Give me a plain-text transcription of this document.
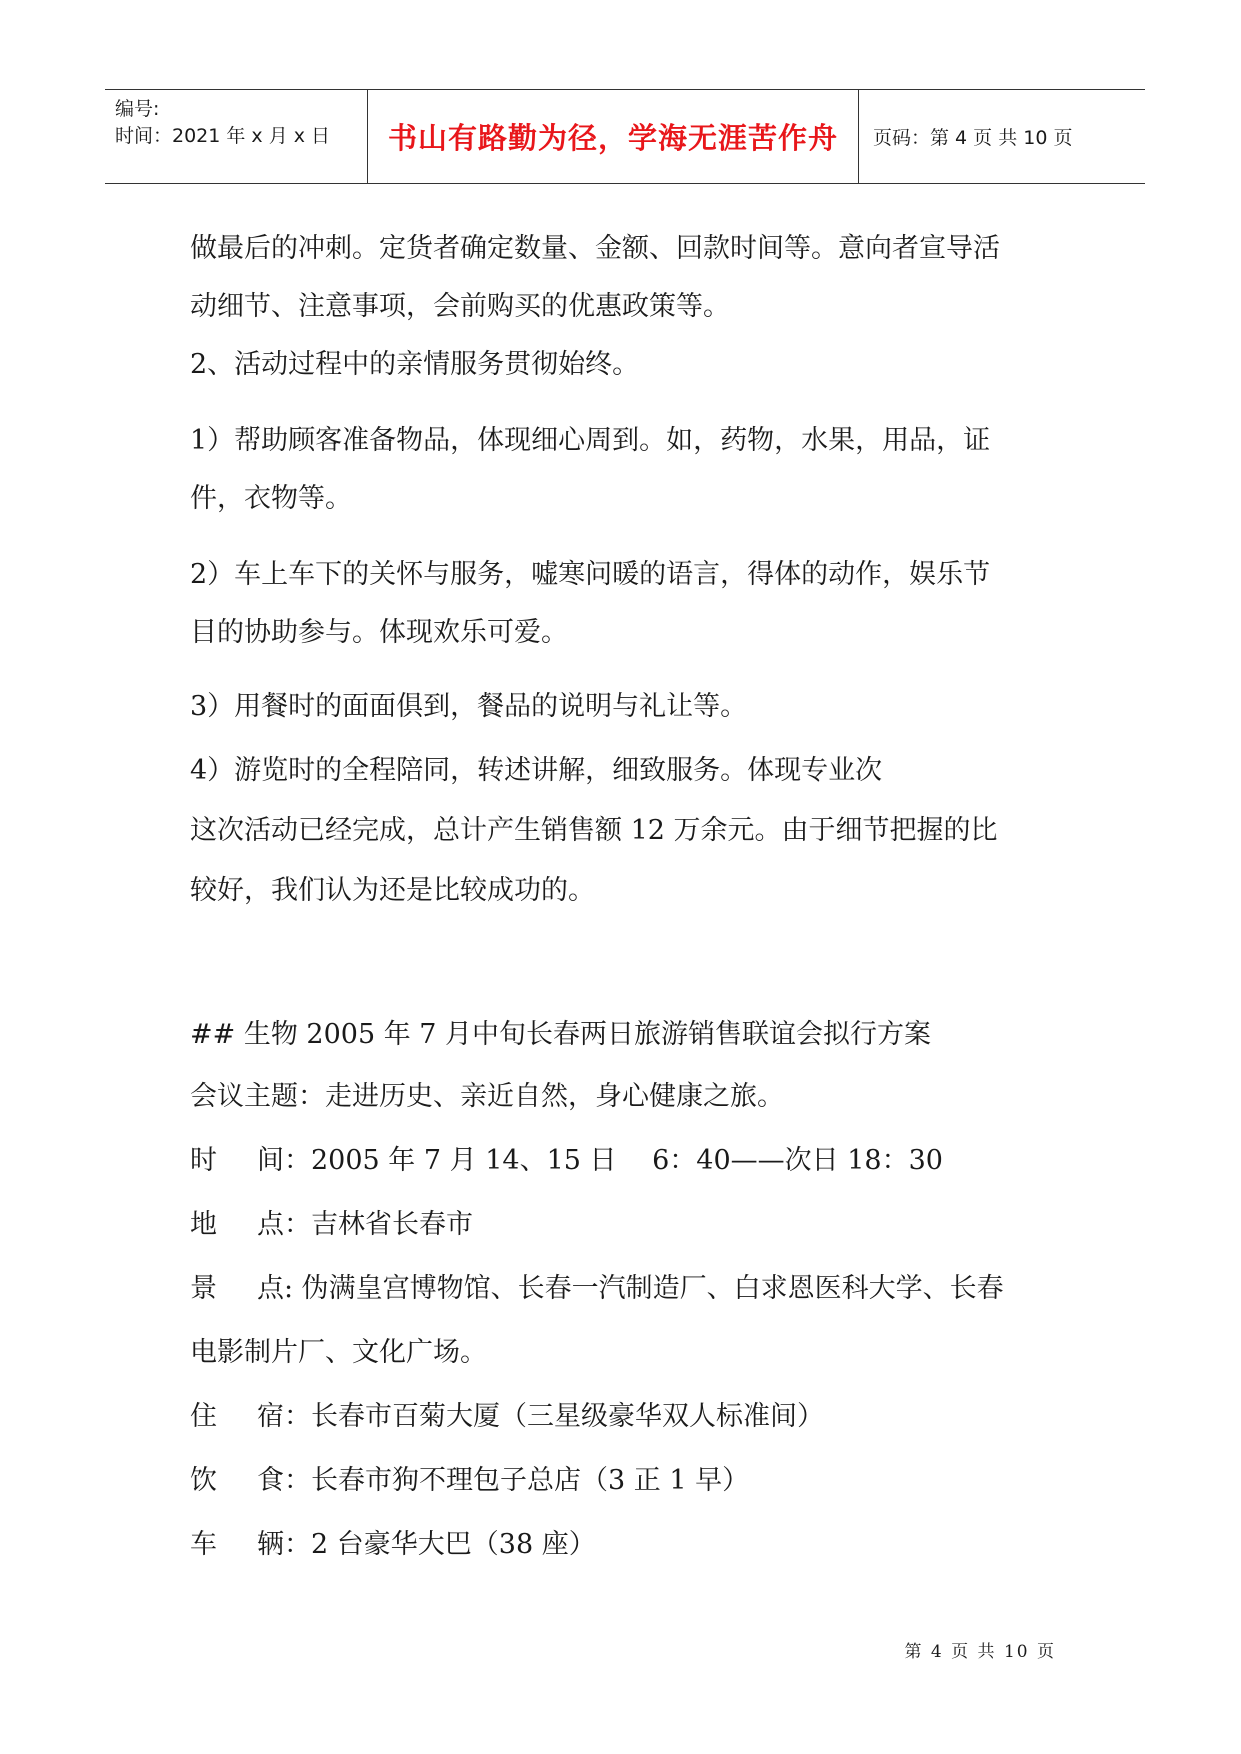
编号:
时间：2021 年 x 月 x 日	书山有路勤为径，学海无涯苦作舟	页码：第 4 页 共 10 页
做最后的冲刺。定货者确定数量、金额、回款时间等。意向者宣导活
动细节、注意事项，会前购买的优惠政策等。
2、活动过程中的亲情服务贯彻始终。
1）帮助顾客准备物品，体现细心周到。如，药物，水果，用品，证
件，衣物等。
2）车上车下的关怀与服务，嘘寒问暖的语言，得体的动作，娱乐节
目的协助参与。体现欢乐可爱。
3）用餐时的面面俱到，餐品的说明与礼让等。
4）游览时的全程陪同，转述讲解，细致服务。体现专业次
这次活动已经完成，总计产生销售额 12 万余元。由于细节把握的比
较好，我们认为还是比较成功的。
## 生物 2005 年 7 月中旬长春两日旅游销售联谊会拟行方案
会议主题：走进历史、亲近自然，身心健康之旅。
时 间：2005 年 7 月 14、15 日　 6：40——次日 18：30
地 点：吉林省长春市
景 点: 伪满皇宫博物馆、长春一汽制造厂、白求恩医科大学、长春
电影制片厂、文化广场。
住 宿：长春市百菊大厦（三星级豪华双人标准间）
饮 食：长春市狗不理包子总店（3 正 1 早）
车 辆：2 台豪华大巴（38 座）
第 4 页 共 10 页
